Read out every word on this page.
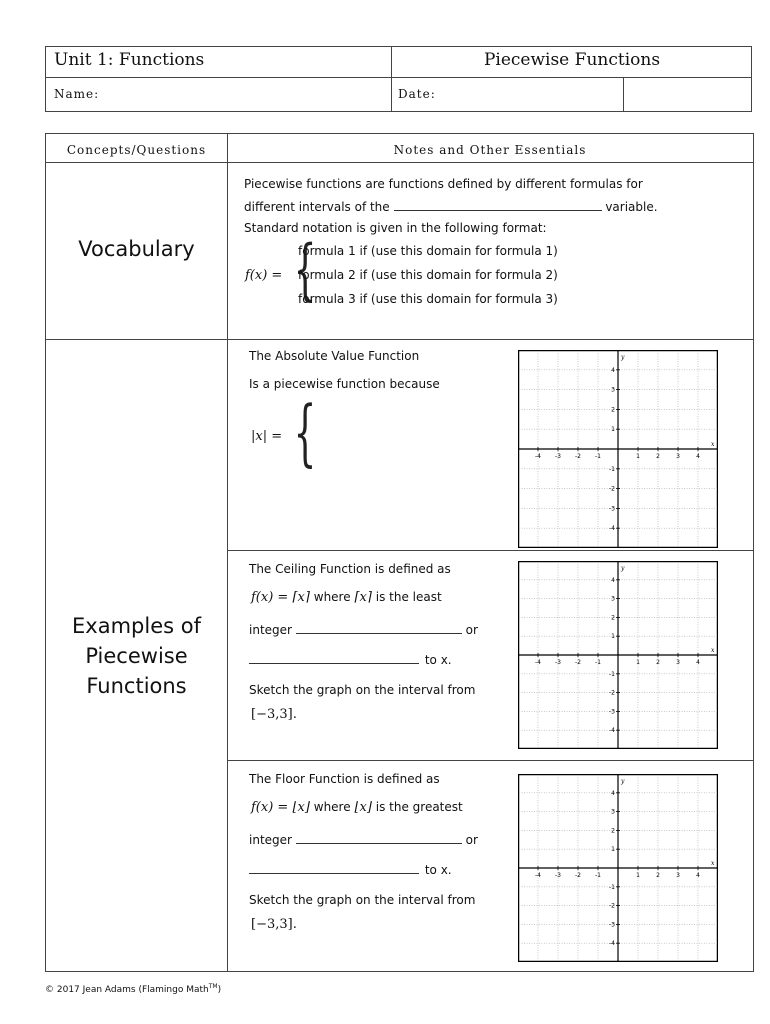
Unit 1: Functions	Piecewise Functions
Name:	Date:
Concepts/Questions	Notes and Other Essentials
Vocabulary
Piecewise functions are functions defined by different formulas for
different intervals of the	variable.
Standard notation is given in the following format:
f(x) = {
formula 1 if (use this domain for formula 1)
formula 2 if (use this domain for formula 2)
formula 3 if (use this domain for formula 3)
Examples of
Piecewise
Functions
The Absolute Value Function
Is a piecewise function because
|x| = {
The Ceiling Function is defined as
f(x) = ⌈x⌉ where ⌈x⌉ is the least
integer	or
to x.
Sketch the graph on the interval from
[−3,3].
The Floor Function is defined as
f(x) = ⌊x⌋ where ⌊x⌋ is the greatest
integer	or
to x.
Sketch the graph on the interval from
[−3,3].
y
x
-4 -3 -2 -1	1	2	3	4
4
3
2
1
-1
-2
-3
-4
y
x
-4 -3 -2 -1	1	2	3	4
4
3
2
1
-1
-2
-3
-4
y
x
-4 -3 -2 -1	1	2	3	4
4
3
2
1
-1
-2
-3
-4
© 2017 Jean Adams (Flamingo Math™)
